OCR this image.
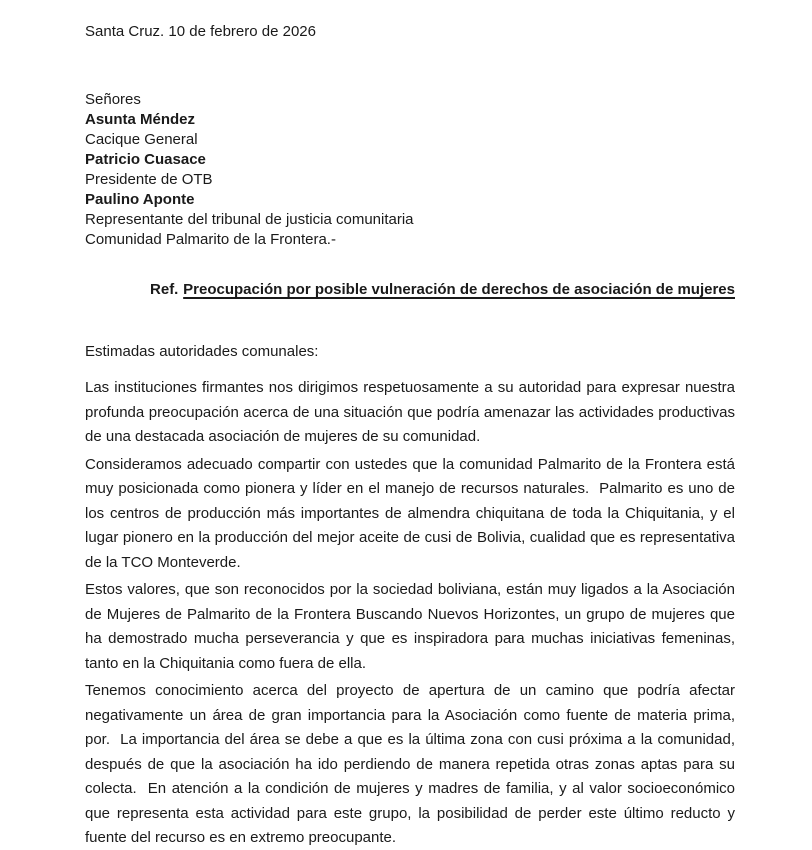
Santa Cruz. 10 de febrero de 2026
Señores
Asunta Méndez
Cacique General
Patricio Cuasace
Presidente de OTB
Paulino Aponte
Representante del tribunal de justicia comunitaria
Comunidad Palmarito de la Frontera.-
Ref. Preocupación por posible vulneración de derechos de asociación de mujeres
Estimadas autoridades comunales:

Las instituciones firmantes nos dirigimos respetuosamente a su autoridad para expresar nuestra profunda preocupación acerca de una situación que podría amenazar las actividades productivas de una destacada asociación de mujeres de su comunidad.

Consideramos adecuado compartir con ustedes que la comunidad Palmarito de la Frontera está muy posicionada como pionera y líder en el manejo de recursos naturales.  Palmarito es uno de los centros de producción más importantes de almendra chiquitana de toda la Chiquitania, y el lugar pionero en la producción del mejor aceite de cusi de Bolivia, cualidad que es representativa de la TCO Monteverde.

Estos valores, que son reconocidos por la sociedad boliviana, están muy ligados a la Asociación de Mujeres de Palmarito de la Frontera Buscando Nuevos Horizontes, un grupo de mujeres que ha demostrado mucha perseverancia y que es inspiradora para muchas iniciativas femeninas, tanto en la Chiquitania como fuera de ella.

Tenemos conocimiento acerca del proyecto de apertura de un camino que podría afectar negativamente un área de gran importancia para la Asociación como fuente de materia prima, por.  La importancia del área se debe a que es la última zona con cusi próxima a la comunidad, después de que la asociación ha ido perdiendo de manera repetida otras zonas aptas para su colecta.  En atención a la condición de mujeres y madres de familia, y al valor socioeconómico que representa esta actividad para este grupo, la posibilidad de perder este último reducto y fuente del recurso es en extremo preocupante.
